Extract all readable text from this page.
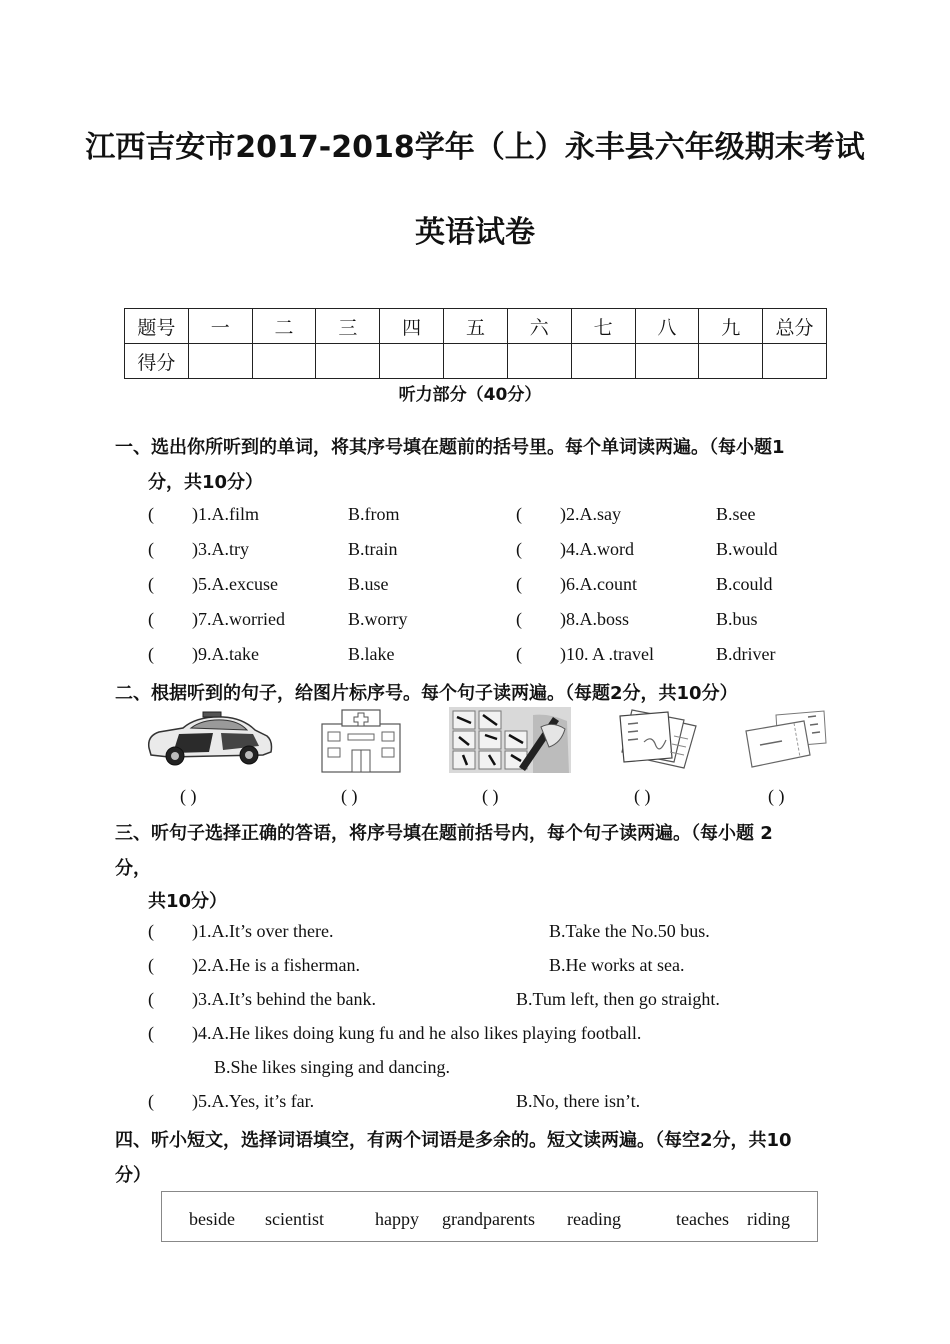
江西吉安市2017-2018学年（上）永丰县六年级期末考试
英语试卷
题号	一	二	三	四	五	六	七	八	九	总分
得分										
听力部分（40分）
一、选出你所听到的单词，将其序号填在题前的括号里。每个单词读两遍。（每小题1
分，共10分）
( )1.A.film	B.from	( )2.A.say	B.see
( )3.A.try	B.train	( )4.A.word	B.would
( )5.A.excuse	B.use	( )6.A.count	B.could
( )7.A.worried	B.worry	( )8.A.boss	B.bus
( )9.A.take	B.lake	( )10. A .travel	B.driver
二、根据听到的句子，给图片标序号。每个句子读两遍。（每题2分，共10分）
( )	( )	( )	( )	( )
三、听句子选择正确的答语，将序号填在题前括号内，每个句子读两遍。（每小题 2
分，
共10分）
( )1.A.It’s over there.	B.Take the No.50 bus.
( )2.A.He is a fisherman.	B.He works at sea.
( )3.A.It’s behind the bank.	B.Tum left, then go straight.
( )4.A.He likes doing kung fu and he also likes playing football.
B.She likes singing and dancing.
( )5.A.Yes, it’s far.	B.No, there isn’t.
四、听小短文，选择词语填空，有两个词语是多余的。短文读两遍。（每空2分，共10
分）
beside scientist	happy grandparents reading	teaches riding
